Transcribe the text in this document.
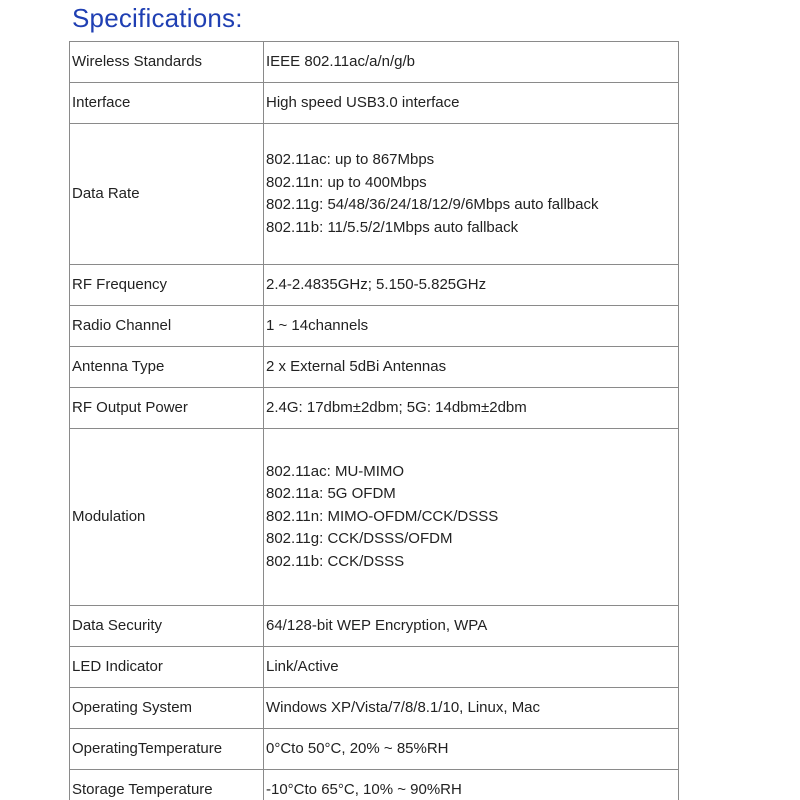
Specifications:
Wireless Standards	IEEE 802.11ac/a/n/g/b

Interface	High speed USB3.0 interface

Data Rate	802.11ac: up to 867Mbps
802.11n: up to 400Mbps
802.11g: 54/48/36/24/18/12/9/6Mbps auto fallback
802.11b: 11/5.5/2/1Mbps auto fallback

RF Frequency	2.4-2.4835GHz; 5.150-5.825GHz

Radio Channel	1 ~ 14channels

Antenna Type	2 x External 5dBi Antennas

RF Output Power	2.4G: 17dbm±2dbm; 5G: 14dbm±2dbm

Modulation	802.11ac: MU-MIMO
802.11a: 5G OFDM
802.11n: MIMO-OFDM/CCK/DSSS
802.11g: CCK/DSSS/OFDM
802.11b: CCK/DSSS

Data Security	64/128-bit WEP Encryption, WPA

LED Indicator	Link/Active

Operating System	Windows XP/Vista/7/8/8.1/10, Linux, Mac

OperatingTemperature	0°Cto 50°C, 20% ~ 85%RH

Storage Temperature	-10°Cto 65°C, 10% ~ 90%RH
